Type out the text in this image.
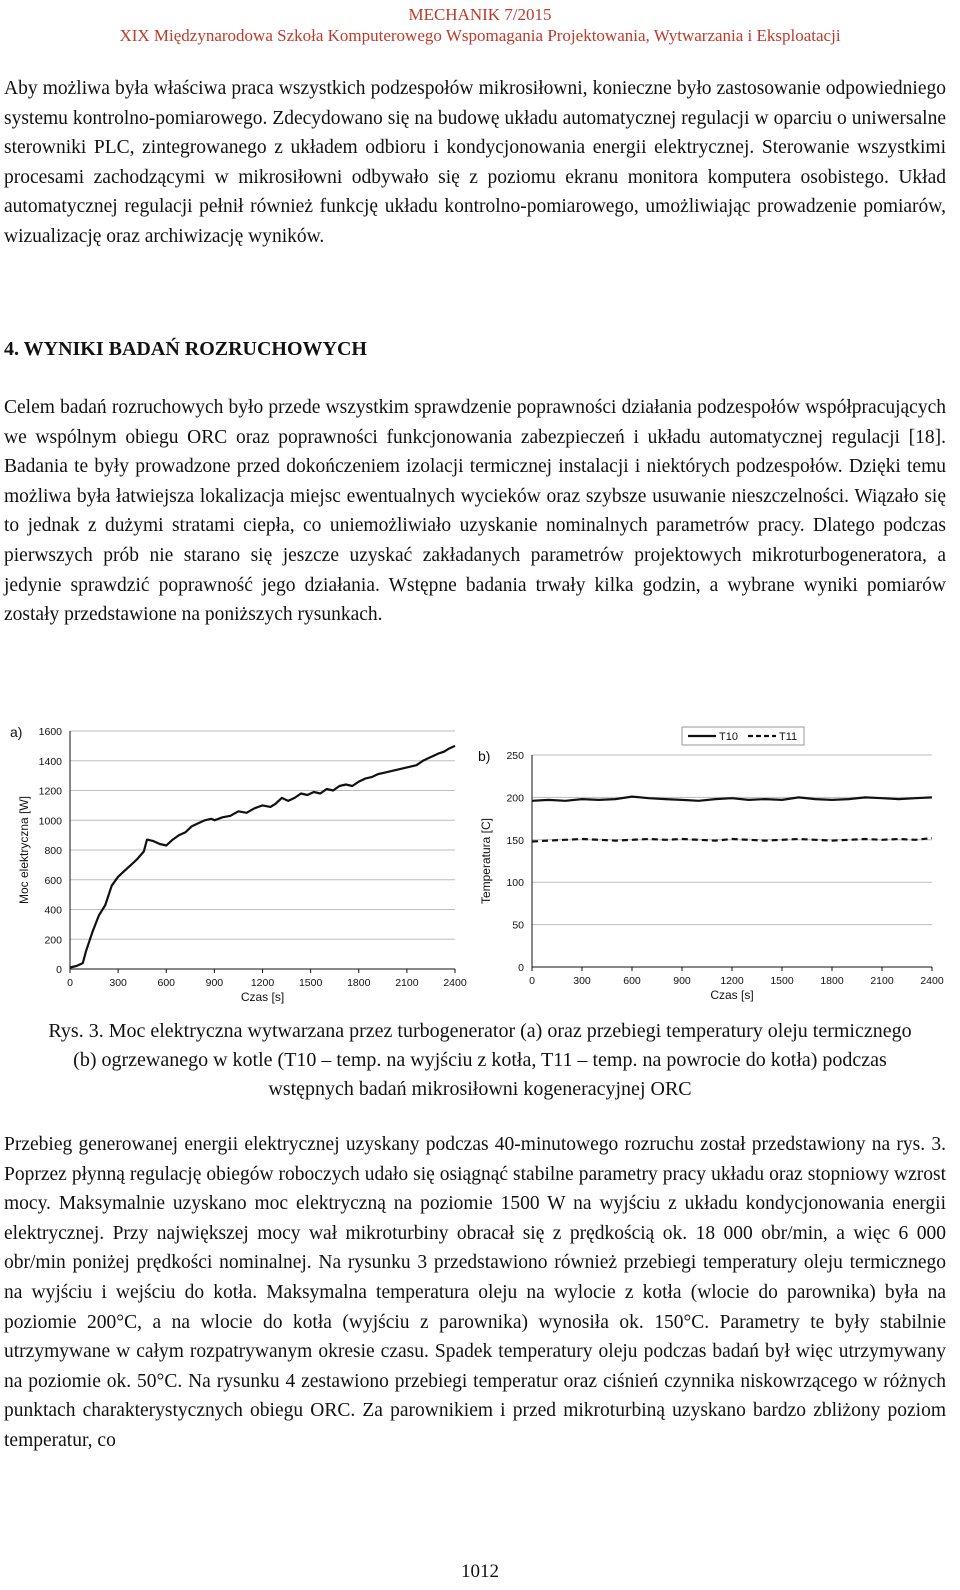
MECHANIK 7/2015
XIX Międzynarodowa Szkoła Komputerowego Wspomagania Projektowania, Wytwarzania i Eksploatacji

Aby możliwa była właściwa praca wszystkich podzespołów mikrosiłowni, konieczne było zastosowanie odpowiedniego systemu kontrolno-pomiarowego. Zdecydowano się na budowę układu automatycznej regulacji w oparciu o uniwersalne sterowniki PLC, zintegrowanego z układem odbioru i kondycjonowania energii elektrycznej. Sterowanie wszystkimi procesami zachodzącymi w mikrosiłowni odbywało się z poziomu ekranu monitora komputera osobistego. Układ automatycznej regulacji pełnił również funkcję układu kontrolno-pomiarowego, umożliwiając prowadzenie pomiarów, wizualizację oraz archiwizację wyników.

4. WYNIKI BADAŃ ROZRUCHOWYCH

Celem badań rozruchowych było przede wszystkim sprawdzenie poprawności działania podzespołów współpracujących we wspólnym obiegu ORC oraz poprawności funkcjonowania zabezpieczeń i układu automatycznej regulacji [18]. Badania te były prowadzone przed dokończeniem izolacji termicznej instalacji i niektórych podzespołów. Dzięki temu możliwa była łatwiejsza lokalizacja miejsc ewentualnych wycieków oraz szybsze usuwanie nieszczelności. Wiązało się to jednak z dużymi stratami ciepła, co uniemożliwiało uzyskanie nominalnych parametrów pracy. Dlatego podczas pierwszych prób nie starano się jeszcze uzyskać zakładanych parametrów projektowych mikroturbogeneratora, a jedynie sprawdzić poprawność jego działania. Wstępne badania trwały kilka godzin, a wybrane wyniki pomiarów zostały przedstawione na poniższych rysunkach.

a)
0
200
400
600
800
1000
1200
1400
1600
0	300	600	900	1200 1500 1800 2100 2400
Czas [s]
Moc elektryczna [W]
b)
0
50
100
150
200
250
0	300	600	900	1200	1500	1800	2100	2400
Czas [s]
Temperatura [C]
T10	T11

Rys. 3. Moc elektryczna wytwarzana przez turbogenerator (a) oraz przebiegi temperatury oleju termicznego (b) ogrzewanego w kotle (T10 – temp. na wyjściu z kotła, T11 – temp. na powrocie do kotła) podczas wstępnych badań mikrosiłowni kogeneracyjnej ORC

Przebieg generowanej energii elektrycznej uzyskany podczas 40-minutowego rozruchu został przedstawiony na rys. 3. Poprzez płynną regulację obiegów roboczych udało się osiągnąć stabilne parametry pracy układu oraz stopniowy wzrost mocy. Maksymalnie uzyskano moc elektryczną na poziomie 1500 W na wyjściu z układu kondycjonowania energii elektrycznej. Przy największej mocy wał mikroturbiny obracał się z prędkością ok. 18 000 obr/min, a więc 6 000 obr/min poniżej prędkości nominalnej. Na rysunku 3 przedstawiono również przebiegi temperatury oleju termicznego na wyjściu i wejściu do kotła. Maksymalna temperatura oleju na wylocie z kotła (wlocie do parownika) była na poziomie 200°C, a na wlocie do kotła (wyjściu z parownika) wynosiła ok. 150°C. Parametry te były stabilnie utrzymywane w całym rozpatrywanym okresie czasu. Spadek temperatury oleju podczas badań był więc utrzymywany na poziomie ok. 50°C. Na rysunku 4 zestawiono przebiegi temperatur oraz ciśnień czynnika niskowrzącego w różnych punktach charakterystycznych obiegu ORC. Za parownikiem i przed mikroturbiną uzyskano bardzo zbliżony poziom temperatur, co

1012
